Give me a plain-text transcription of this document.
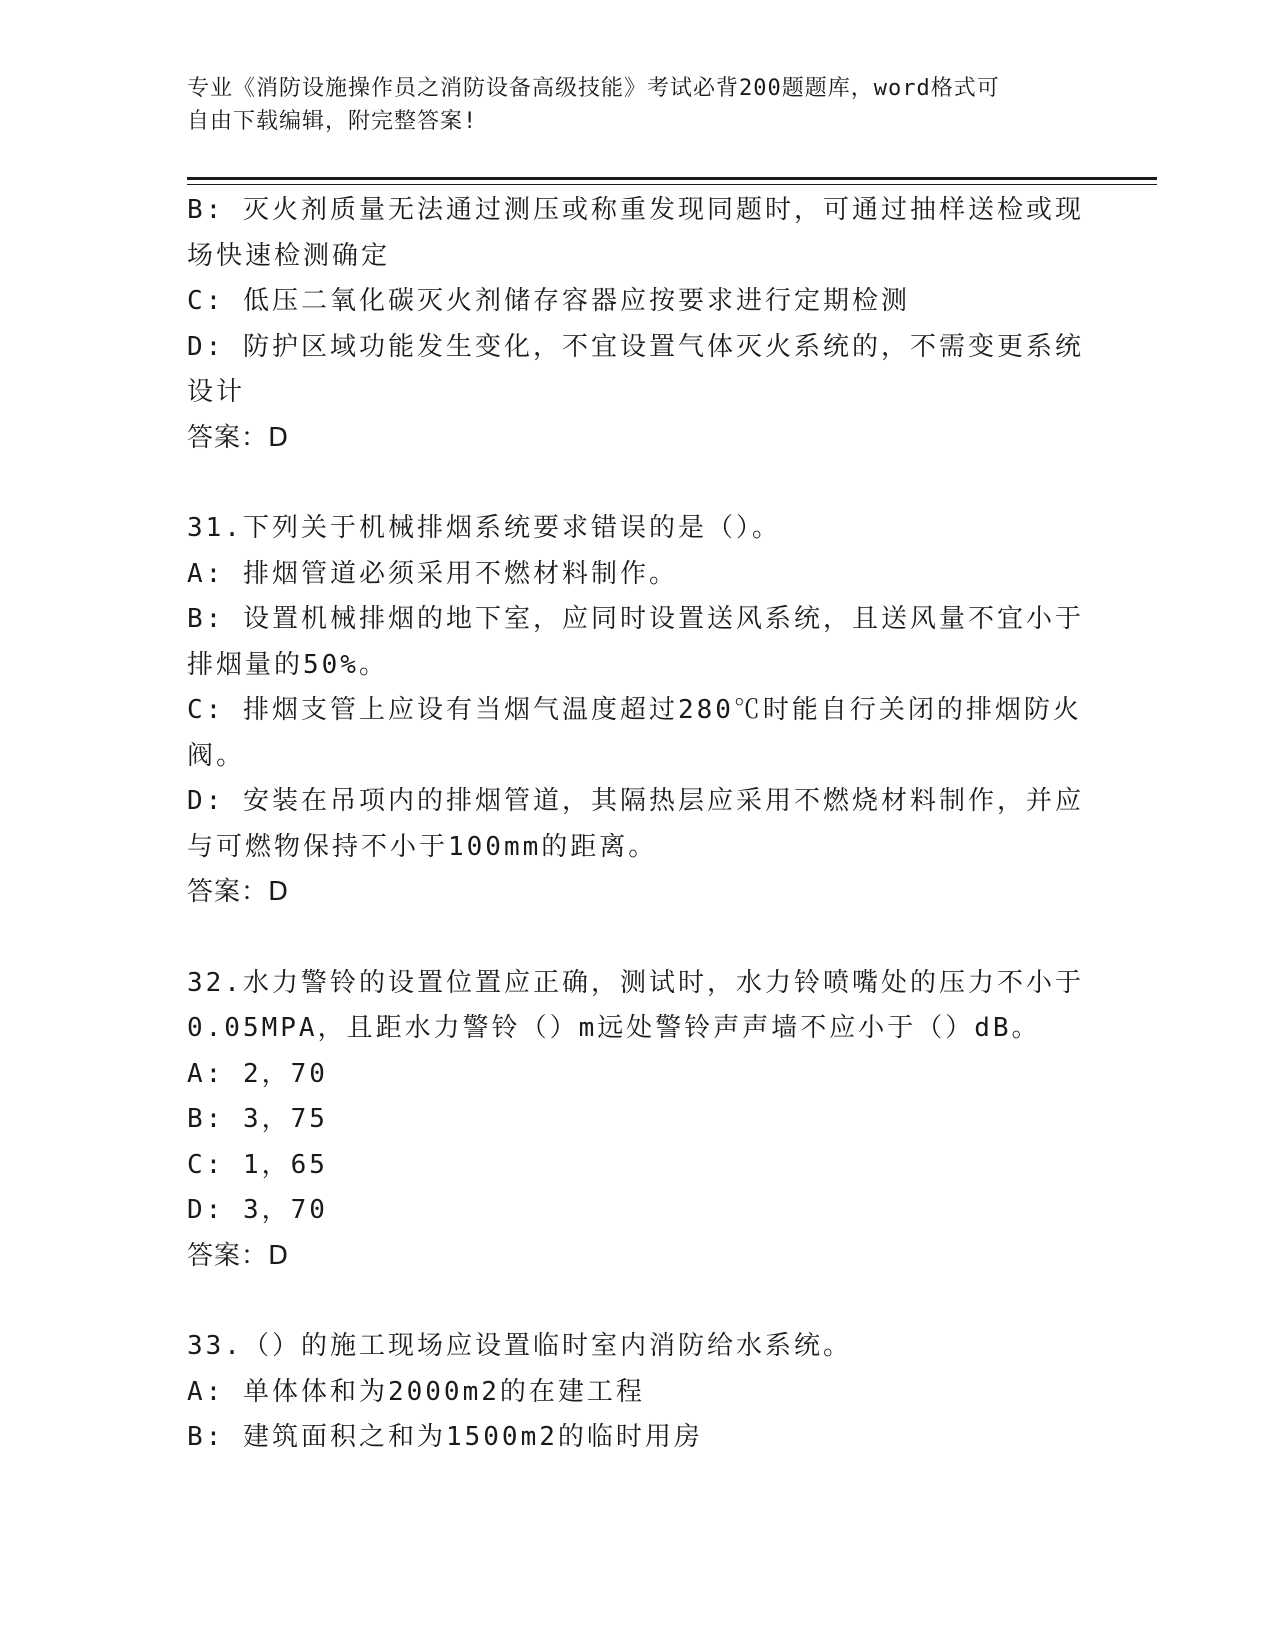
专业《消防设施操作员之消防设备高级技能》考试必背200题题库，word格式可
自由下载编辑，附完整答案!
B: 灭火剂质量无法通过测压或称重发现同题时，可通过抽样送检或现
场快速检测确定
C: 低压二氧化碳灭火剂储存容器应按要求进行定期检测
D: 防护区域功能发生变化，不宜设置气体灭火系统的，不需变更系统
设计
答案：D
31.下列关于机械排烟系统要求错误的是（）。
A: 排烟管道必须采用不燃材料制作。
B: 设置机械排烟的地下室，应同时设置送风系统，且送风量不宜小于
排烟量的50%。
C: 排烟支管上应设有当烟气温度超过280℃时能自行关闭的排烟防火
阀。
D: 安装在吊项内的排烟管道，其隔热层应采用不燃烧材料制作，并应
与可燃物保持不小于100mm的距离。
答案：D
32.水力警铃的设置位置应正确，测试时，水力铃喷嘴处的压力不小于
0.05MPA，且距水力警铃（）m远处警铃声声墙不应小于（）dB。
A: 2，70
B: 3，75
C: 1，65
D: 3，70
答案：D
33.（）的施工现场应设置临时室内消防给水系统。
A: 单体体和为2000m2的在建工程
B: 建筑面积之和为1500m2的临时用房
